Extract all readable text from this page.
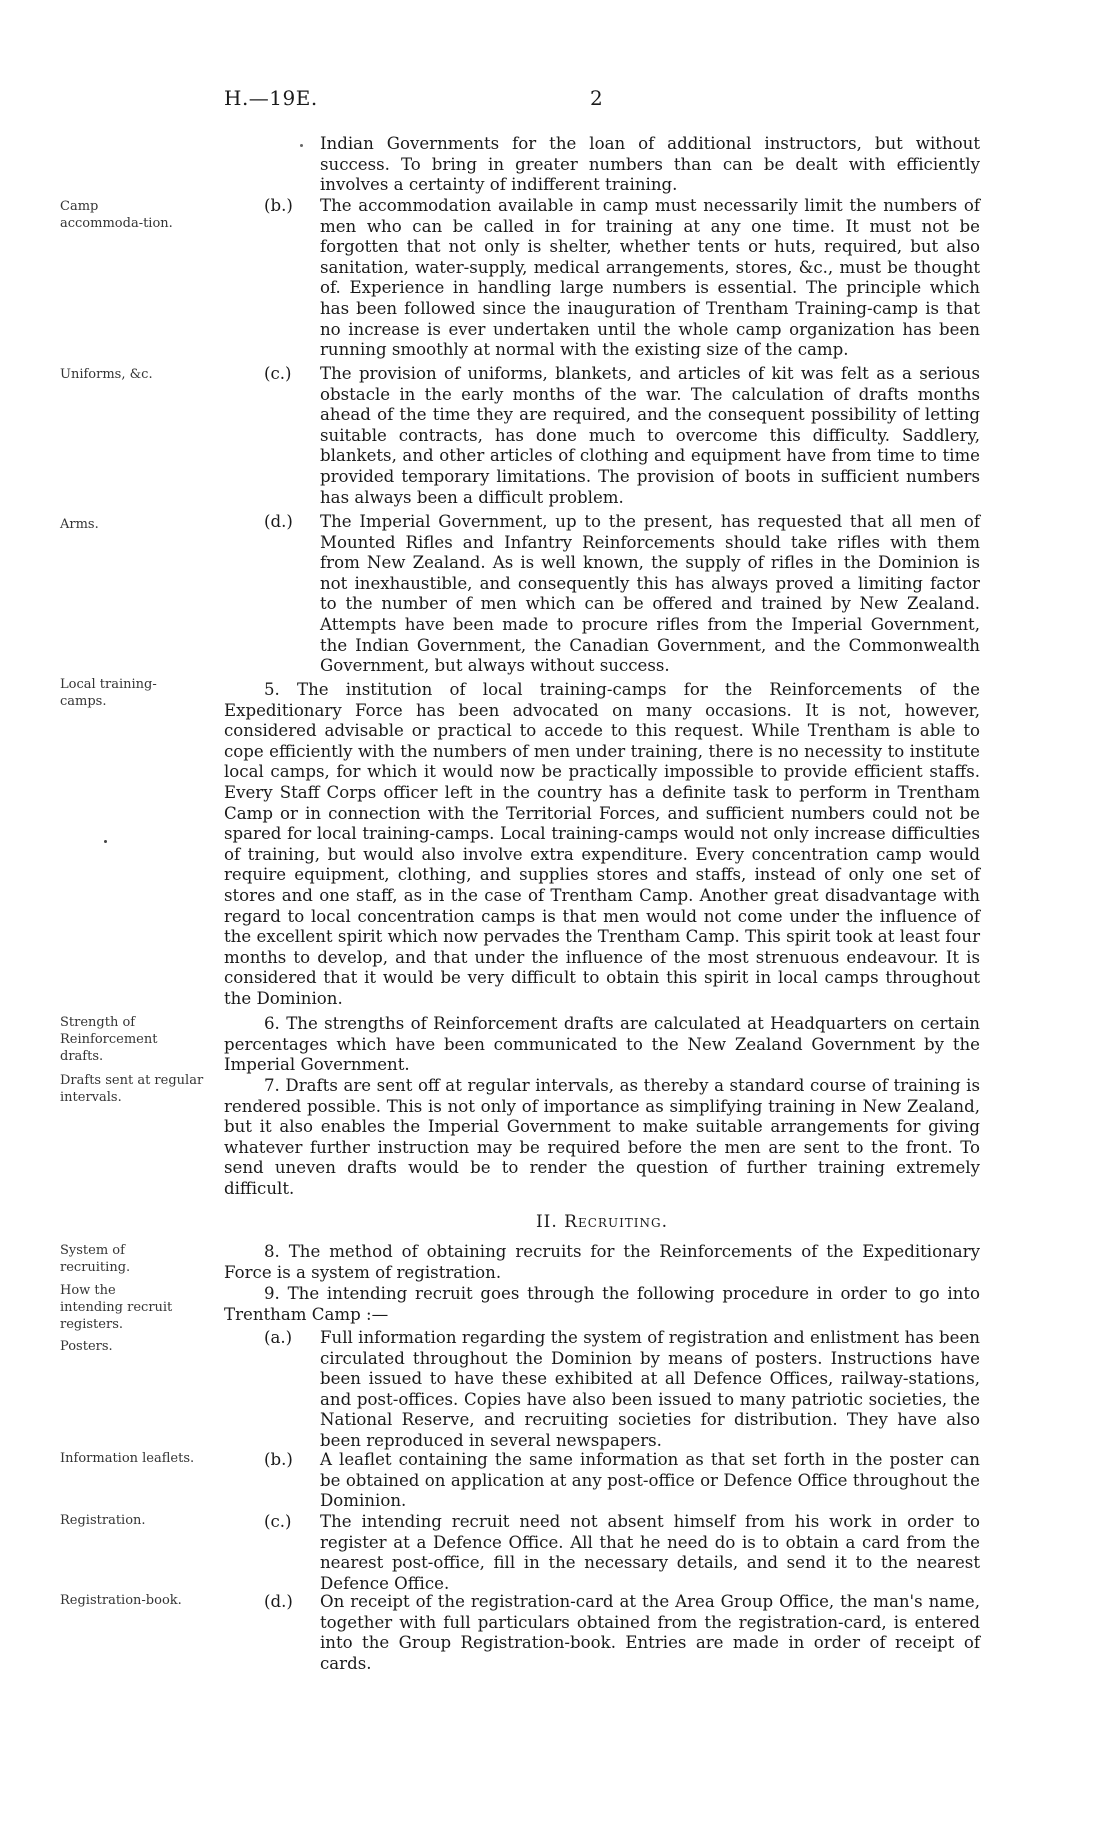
H.—19E.	2
Camp accommoda-tion.
Uniforms, &c.
Arms.
Local training-camps.
Strength of Reinforcement drafts.
Drafts sent at regular intervals.
System of recruiting.
How the intending recruit registers.
Posters.
Information leaflets.
Registration.
Registration-book.
Indian Governments for the loan of additional instructors, but without success. To bring in greater numbers than can be dealt with efficiently involves a certainty of indifferent training.
(b.)	The accommodation available in camp must necessarily limit the numbers of men who can be called in for training at any one time. It must not be forgotten that not only is shelter, whether tents or huts, required, but also sanitation, water-supply, medical arrangements, stores, &c., must be thought of. Experience in handling large numbers is essential. The principle which has been followed since the inauguration of Trentham Training-camp is that no increase is ever undertaken until the whole camp organization has been running smoothly at normal with the existing size of the camp.
(c.)	The provision of uniforms, blankets, and articles of kit was felt as a serious obstacle in the early months of the war. The calculation of drafts months ahead of the time they are required, and the consequent possibility of letting suitable contracts, has done much to overcome this difficulty. Saddlery, blankets, and other articles of clothing and equipment have from time to time provided temporary limitations. The provision of boots in sufficient numbers has always been a difficult problem.
(d.)	The Imperial Government, up to the present, has requested that all men of Mounted Rifles and Infantry Reinforcements should take rifles with them from New Zealand. As is well known, the supply of rifles in the Dominion is not inexhaustible, and consequently this has always proved a limiting factor to the number of men which can be offered and trained by New Zealand. Attempts have been made to procure rifles from the Imperial Government, the Indian Government, the Canadian Government, and the Commonwealth Government, but always without success.
5. The institution of local training-camps for the Reinforcements of the Expeditionary Force has been advocated on many occasions. It is not, however, considered advisable or practical to accede to this request. While Trentham is able to cope efficiently with the numbers of men under training, there is no necessity to institute local camps, for which it would now be practically impossible to provide efficient staffs. Every Staff Corps officer left in the country has a definite task to perform in Trentham Camp or in connection with the Territorial Forces, and sufficient numbers could not be spared for local training-camps. Local training-camps would not only increase difficulties of training, but would also involve extra expenditure. Every concentration camp would require equipment, clothing, and supplies stores and staffs, instead of only one set of stores and one staff, as in the case of Trentham Camp. Another great disadvantage with regard to local concentration camps is that men would not come under the influence of the excellent spirit which now pervades the Trentham Camp. This spirit took at least four months to develop, and that under the influence of the most strenuous endeavour. It is considered that it would be very difficult to obtain this spirit in local camps throughout the Dominion.
6. The strengths of Reinforcement drafts are calculated at Headquarters on certain percentages which have been communicated to the New Zealand Government by the Imperial Government.
7. Drafts are sent off at regular intervals, as thereby a standard course of training is rendered possible. This is not only of importance as simplifying training in New Zealand, but it also enables the Imperial Government to make suitable arrangements for giving whatever further instruction may be required before the men are sent to the front. To send uneven drafts would be to render the question of further training extremely difficult.
II. Recruiting.
8. The method of obtaining recruits for the Reinforcements of the Expeditionary Force is a system of registration.
9. The intending recruit goes through the following procedure in order to go into Trentham Camp :—
(a.)	Full information regarding the system of registration and enlistment has been circulated throughout the Dominion by means of posters. Instructions have been issued to have these exhibited at all Defence Offices, railway-stations, and post-offices. Copies have also been issued to many patriotic societies, the National Reserve, and recruiting societies for distribution. They have also been reproduced in several newspapers.
(b.)	A leaflet containing the same information as that set forth in the poster can be obtained on application at any post-office or Defence Office throughout the Dominion.
(c.)	The intending recruit need not absent himself from his work in order to register at a Defence Office. All that he need do is to obtain a card from the nearest post-office, fill in the necessary details, and send it to the nearest Defence Office.
(d.)	On receipt of the registration-card at the Area Group Office, the man's name, together with full particulars obtained from the registration-card, is entered into the Group Registration-book. Entries are made in order of receipt of cards.
